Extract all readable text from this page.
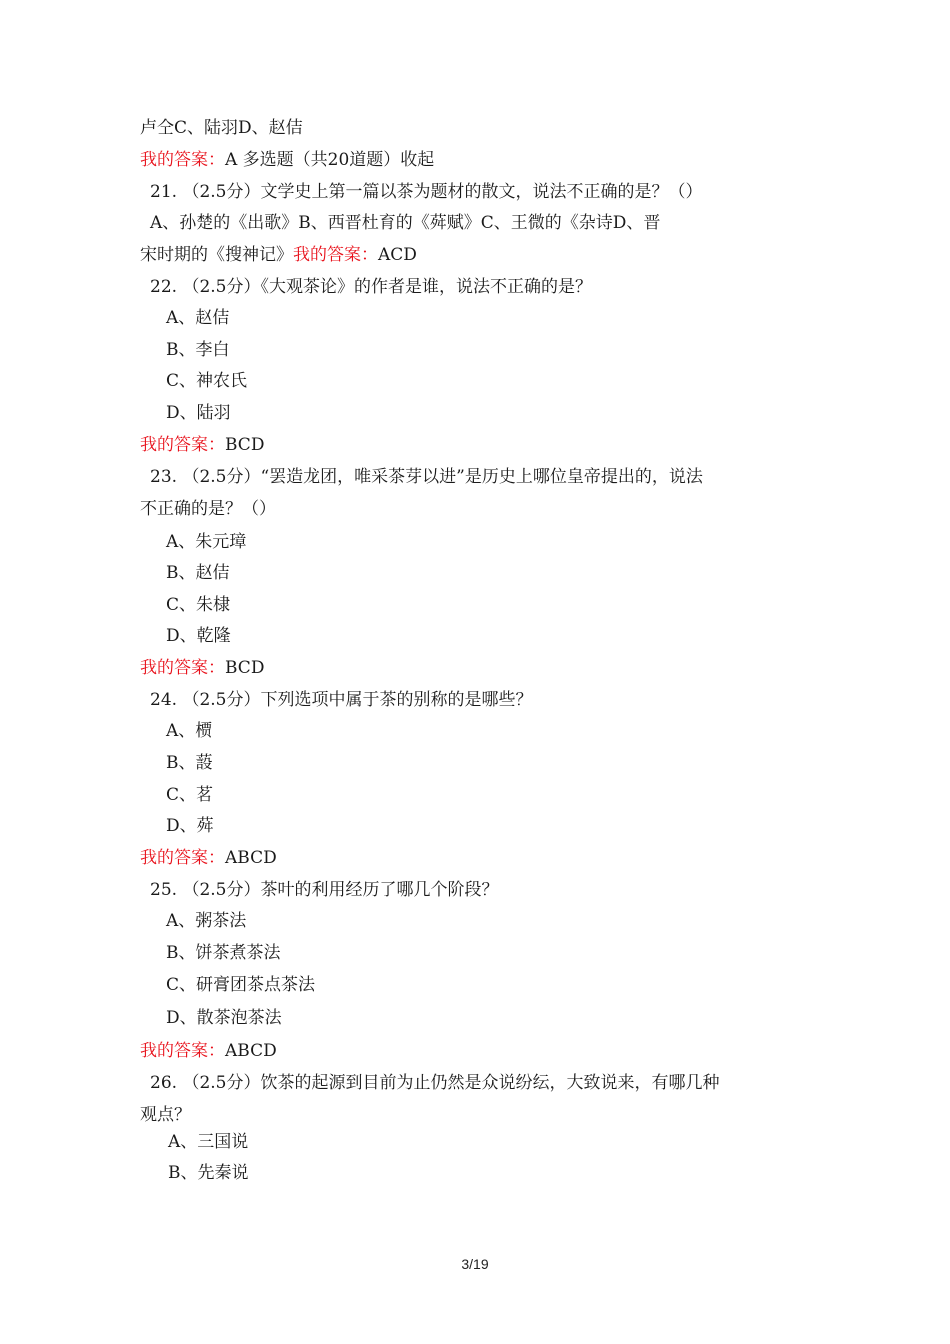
卢仝C、陆羽D、赵佶
我的答案：A 多选题（共20道题）收起
21. （2.5分）文学史上第一篇以茶为题材的散文，说法不正确的是？（）
A、孙楚的《出歌》B、西晋杜育的《荈赋》C、王微的《杂诗D、晋
宋时期的《搜神记》我的答案：ACD
22. （2.5分）《大观茶论》的作者是谁，说法不正确的是？
A、赵佶
B、李白
C、神农氏
D、陆羽
我的答案：BCD
23. （2.5分）“罢造龙团，唯采茶芽以进”是历史上哪位皇帝提出的，说法
不正确的是？（）
A、朱元璋
B、赵佶
C、朱棣
D、乾隆
我的答案：BCD
24. （2.5分）下列选项中属于茶的别称的是哪些？
A、槚
B、蔎
C、茗
D、荈
我的答案：ABCD
25. （2.5分）茶叶的利用经历了哪几个阶段？
A、粥茶法
B、饼茶煮茶法
C、研膏团茶点茶法
D、散茶泡茶法
我的答案：ABCD
26. （2.5分）饮茶的起源到目前为止仍然是众说纷纭，大致说来，有哪几种
观点？
A、三国说
B、先秦说
3/19
